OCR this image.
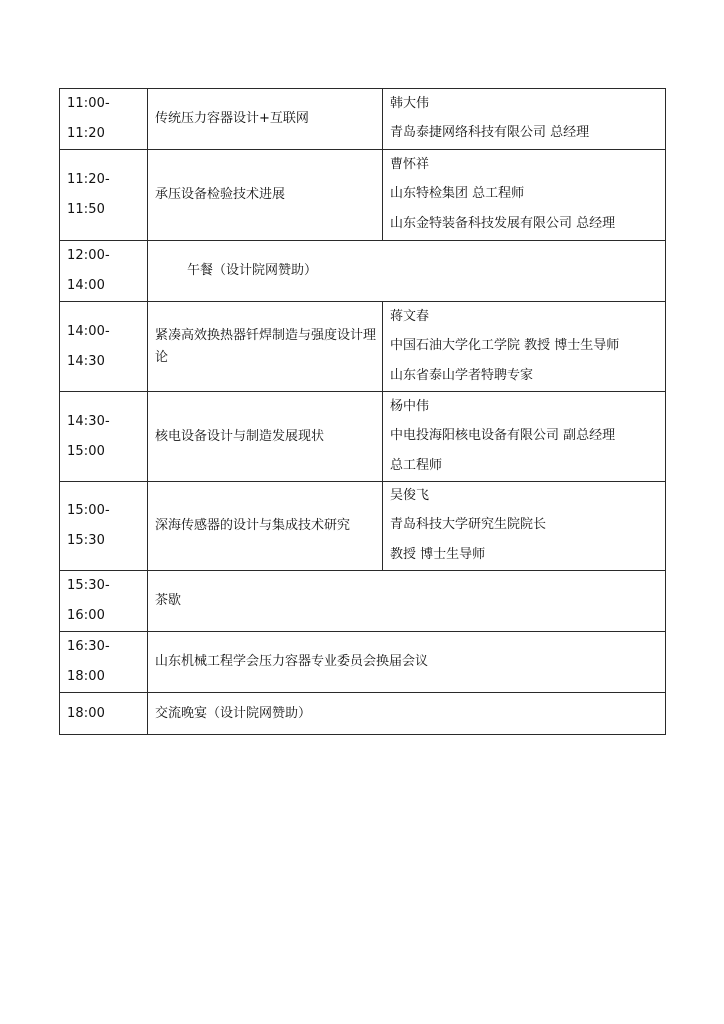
11:00-11:20	传统压力容器设计+互联网	韩大伟
青岛泰捷网络科技有限公司 总经理

11:20-11:50	承压设备检验技术进展	曹怀祥
山东特检集团 总工程师
山东金特装备科技发展有限公司 总经理

12:00-14:00	午餐（设计院网赞助）	
14:00-14:30	紧凑高效换热器钎焊制造与强度设计理论	蒋文春
中国石油大学化工学院 教授 博士生导师
山东省泰山学者特聘专家

14:30-15:00	核电设备设计与制造发展现状	杨中伟
中电投海阳核电设备有限公司 副总经理
总工程师

15:00-15:30	深海传感器的设计与集成技术研究	吴俊飞
青岛科技大学研究生院院长
教授 博士生导师

15:30-16:00	茶歇	
16:30-18:00	山东机械工程学会压力容器专业委员会换届会议	
18:00	交流晚宴（设计院网赞助）	
